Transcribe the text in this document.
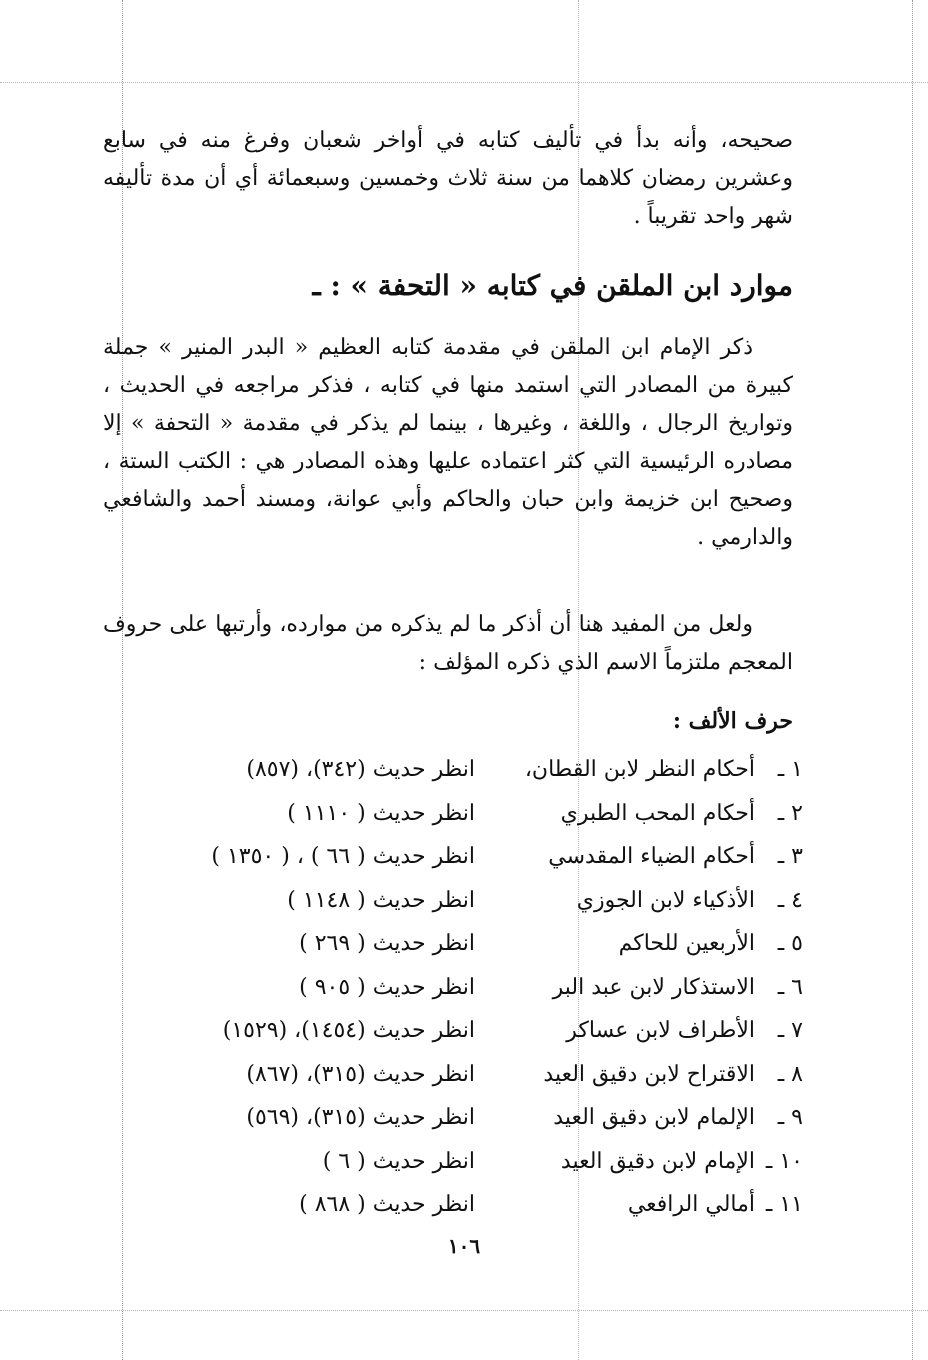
صحيحه، وأنه بدأ في تأليف كتابه في أواخر شعبان وفرغ منه في سابع وعشرين رمضان كلاهما من سنة ثلاث وخمسين وسبعمائة أي أن مدة تأليفه شهر واحد تقريباً .

موارد ابن الملقن في كتابه « التحفة » : ـ

ذكر الإمام ابن الملقن في مقدمة كتابه العظيم « البدر المنير » جملة كبيرة من المصادر التي استمد منها في كتابه ، فذكر مراجعه في الحديث ، وتواريخ الرجال ، واللغة ، وغيرها ، بينما لم يذكر في مقدمة « التحفة » إلا مصادره الرئيسية التي كثر اعتماده عليها وهذه المصادر هي : الكتب الستة ، وصحيح ابن خزيمة وابن حبان والحاكم وأبي عوانة، ومسند أحمد والشافعي والدارمي .

ولعل من المفيد هنا أن أذكر ما لم يذكره من موارده، وأرتبها على حروف المعجم ملتزماً الاسم الذي ذكره المؤلف :

حرف الألف :
١ ـ
أحكام النظر لابن القطان،
انظر حديث (٣٤٢)، (٨٥٧)
٢ ـ
أحكام المحب الطبري
انظر حديث ( ١١١٠ )
٣ ـ
أحكام الضياء المقدسي
انظر حديث ( ٦٦ ) ، ( ١٣٥٠ )
٤ ـ
الأذكياء لابن الجوزي
انظر حديث ( ١١٤٨ )
٥ ـ
الأربعين للحاكم
انظر حديث ( ٢٦٩ )
٦ ـ
الاستذكار لابن عبد البر
انظر حديث ( ٩٠٥ )
٧ ـ
الأطراف لابن عساكر
انظر حديث (١٤٥٤)، (١٥٢٩)
٨ ـ
الاقتراح لابن دقيق العيد
انظر حديث (٣١٥)، (٨٦٧)
٩ ـ
الإلمام لابن دقيق العيد
انظر حديث (٣١٥)، (٥٦٩)
١٠ ـ
الإمام لابن دقيق العيد
انظر حديث ( ٦ )
١١ ـ
أمالي الرافعي
انظر حديث ( ٨٦٨ )
١٠٦
